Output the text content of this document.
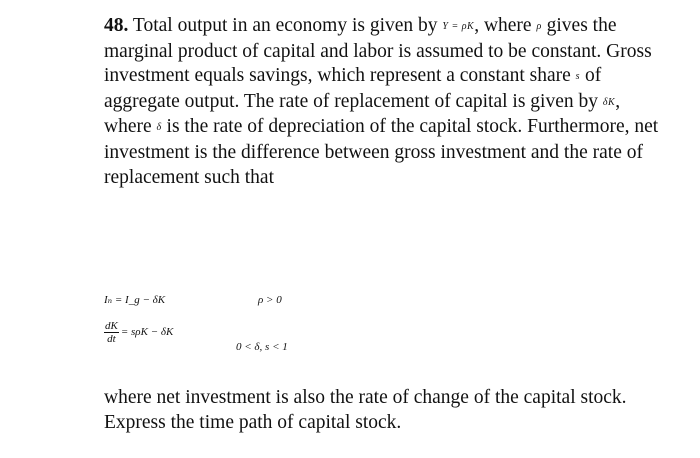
48. Total output in an economy is given by Y = ρK, where ρ gives the marginal product of capital and labor is assumed to be constant. Gross investment equals savings, which represent a constant share s of aggregate output. The rate of replacement of capital is given by δK, where δ is the rate of depreciation of the capital stock. Furthermore, net investment is the difference between gross investment and the rate of replacement such that

Iₙ = I_g − δK	ρ > 0
$\frac{dK}{dt} = s\rho K - \delta K$
0 < δ, s < 1

where net investment is also the rate of change of the capital stock. Express the time path of capital stock.
